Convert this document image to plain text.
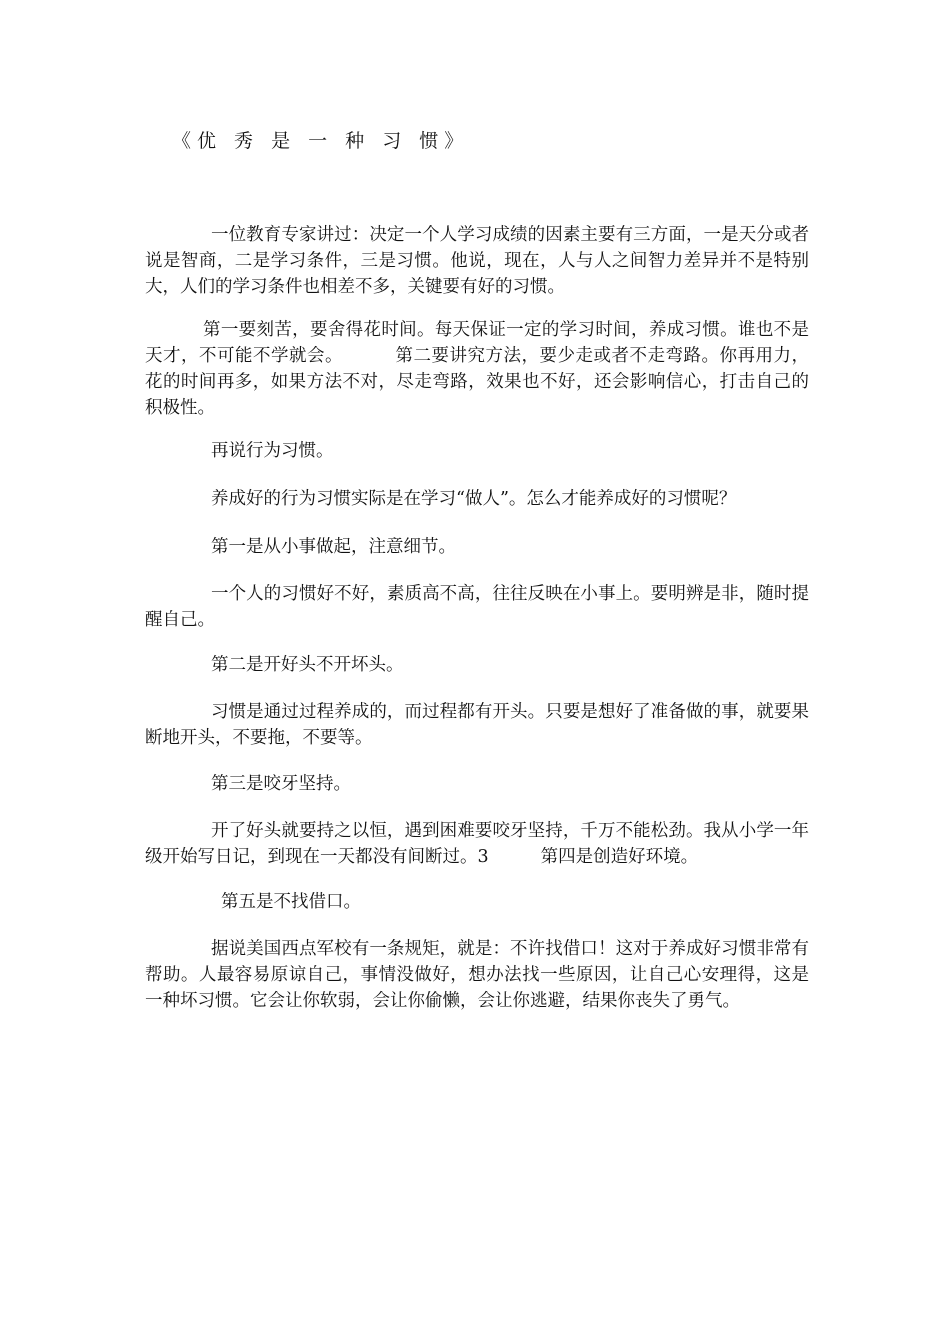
《优 秀 是 一 种 习 惯》

一位教育专家讲过：决定一个人学习成绩的因素主要有三方面，一是天分或者说是智商，二是学习条件，三是习惯。他说，现在，人与人之间智力差异并不是特别大，人们的学习条件也相差不多，关键要有好的习惯。

第一要刻苦，要舍得花时间。每天保证一定的学习时间，养成习惯。谁也不是天才，不可能不学就会。	第二要讲究方法，要少走或者不走弯路。你再用力，花的时间再多，如果方法不对，尽走弯路，效果也不好，还会影响信心，打击自己的积极性。

再说行为习惯。

养成好的行为习惯实际是在学习“做人”。怎么才能养成好的习惯呢？

第一是从小事做起，注意细节。

一个人的习惯好不好，素质高不高，往往反映在小事上。要明辨是非，随时提醒自己。

第二是开好头不开坏头。

习惯是通过过程养成的，而过程都有开头。只要是想好了准备做的事，就要果断地开头，不要拖，不要等。

第三是咬牙坚持。

开了好头就要持之以恒，遇到困难要咬牙坚持，千万不能松劲。我从小学一年级开始写日记，到现在一天都没有间断过。3	第四是创造好环境。

第五是不找借口。

据说美国西点军校有一条规矩，就是：不许找借口！这对于养成好习惯非常有帮助。人最容易原谅自己，事情没做好，想办法找一些原因，让自己心安理得，这是一种坏习惯。它会让你软弱，会让你偷懒，会让你逃避，结果你丧失了勇气。
